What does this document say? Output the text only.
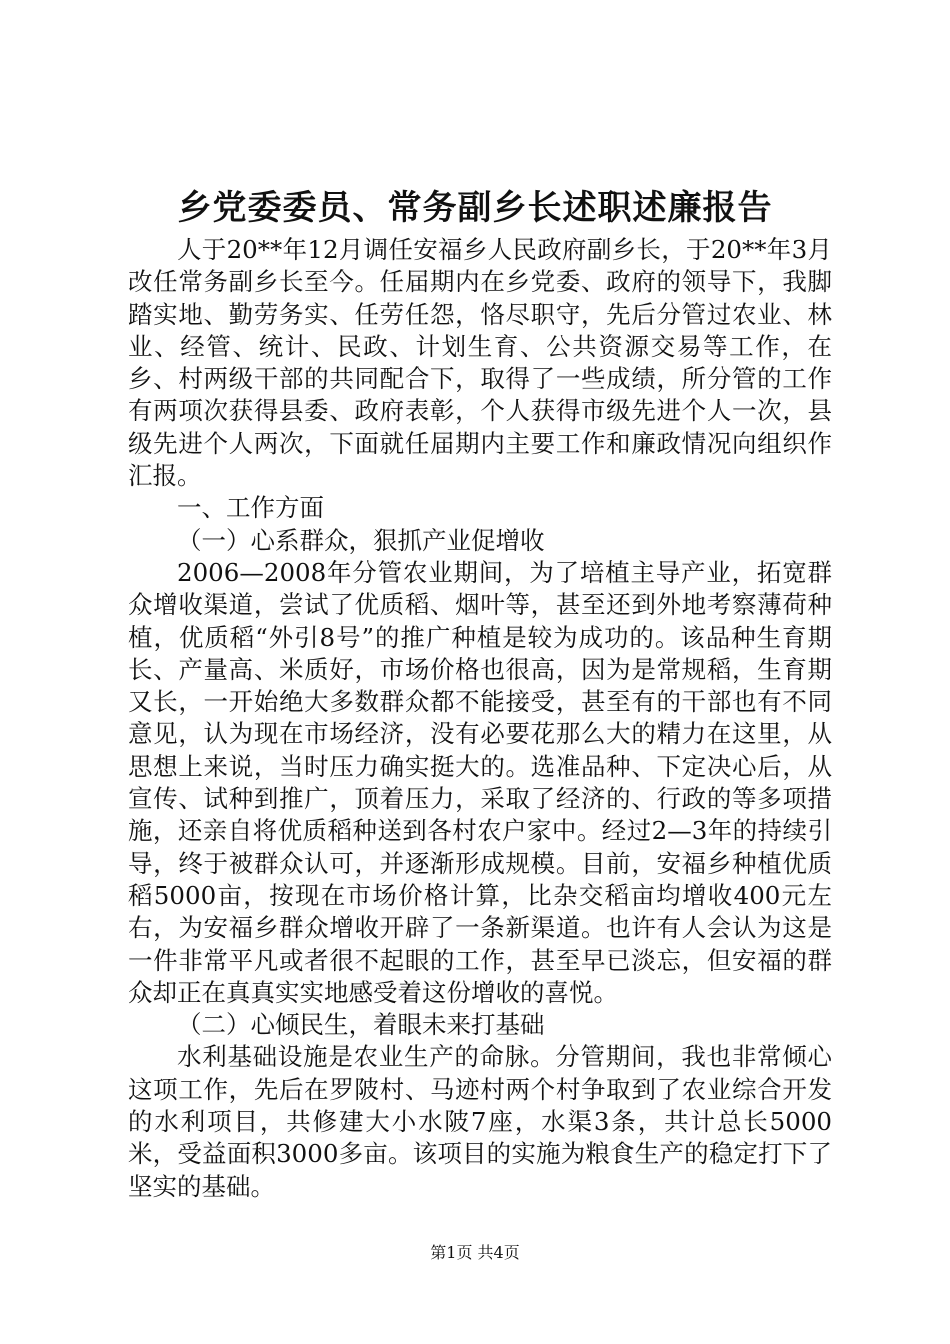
乡党委委员、常务副乡长述职述廉报告

人于20**年12月调任安福乡人民政府副乡长，于20**年3月改任常务副乡长至今。任届期内在乡党委、政府的领导下，我脚踏实地、勤劳务实、任劳任怨，恪尽职守，先后分管过农业、林业、经管、统计、民政、计划生育、公共资源交易等工作，在乡、村两级干部的共同配合下，取得了一些成绩，所分管的工作有两项次获得县委、政府表彰，个人获得市级先进个人一次，县级先进个人两次，下面就任届期内主要工作和廉政情况向组织作汇报。

一、工作方面

（一）心系群众，狠抓产业促增收

2006—2008年分管农业期间，为了培植主导产业，拓宽群众增收渠道，尝试了优质稻、烟叶等，甚至还到外地考察薄荷种植，优质稻“外引8号”的推广种植是较为成功的。该品种生育期长、产量高、米质好，市场价格也很高，因为是常规稻，生育期又长，一开始绝大多数群众都不能接受，甚至有的干部也有不同意见，认为现在市场经济，没有必要花那么大的精力在这里，从思想上来说，当时压力确实挺大的。选准品种、下定决心后，从宣传、试种到推广，顶着压力，采取了经济的、行政的等多项措施，还亲自将优质稻种送到各村农户家中。经过2—3年的持续引导，终于被群众认可，并逐渐形成规模。目前，安福乡种植优质稻5000亩，按现在市场价格计算，比杂交稻亩均增收400元左右，为安福乡群众增收开辟了一条新渠道。也许有人会认为这是一件非常平凡或者很不起眼的工作，甚至早已淡忘，但安福的群众却正在真真实实地感受着这份增收的喜悦。

（二）心倾民生，着眼未来打基础

水利基础设施是农业生产的命脉。分管期间，我也非常倾心这项工作，先后在罗陂村、马迹村两个村争取到了农业综合开发的水利项目，共修建大小水陂7座，水渠3条，共计总长5000米，受益面积3000多亩。该项目的实施为粮食生产的稳定打下了坚实的基础。

第1页 共4页
